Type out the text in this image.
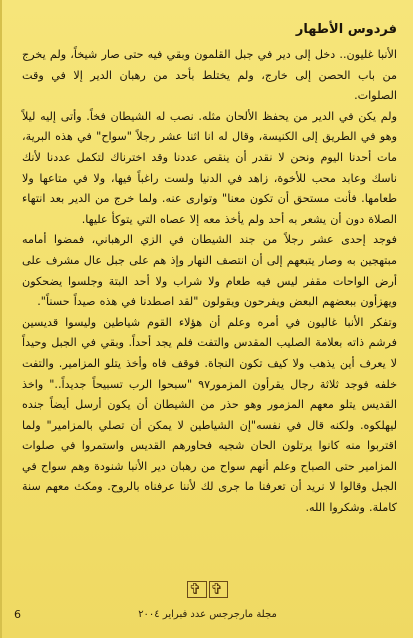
فردوس الأطهار

الأنبا غليون.. دخل إلى دير في جبل القلمون وبقي فيه حتى صار شيخاً، ولم يخرج من باب الحصن إلى خارج، ولم يختلط بأحد من رهبان الدير إلا في وقت الصلوات.

ولم يكن في الدير من يحفظ الألحان مثله. نصب له الشيطان فخاً. وأتى إليه ليلاً وهو في الطريق إلى الكنيسة، وقال له انا اثنا عشر رجلاً "سواح" في هذه البرية، مات أحدنا اليوم ونحن لا نقدر أن ينقص عددنا وقد اخترناك لتكمل عددنا لأنك ناسك وعابد محب للأخوة، زاهد في الدنيا ولست راغباً فيها، ولا في متاعها ولا طعامها. فأنت مستحق أن تكون معنا" وتوارى عنه. ولما خرج من الدير بعد انتهاء الصلاة دون أن يشعر به أحد ولم يأخذ معه إلا عصاه التي يتوكأ عليها.

فوجد إحدى عشر رجلاً من جند الشيطان في الزي الرهباني، فمضوا أمامه مبتهجين به وصار يتبعهم إلى أن انتصف النهار وإذ هم على جبل عال مشرف على أرض الواحات مقفر ليس فيه طعام ولا شراب ولا أحد البتة وجلسوا يضحكون ويهزأون ببعضهم البعض ويفرحون ويقولون "لقد اصطدنا في هذه صيداً حسناً".

وتفكر الأنبا غاليون في أمره وعلم أن هؤلاء القوم شياطين وليسوا قديسين فرشم ذاته بعلامة الصليب المقدس والتفت فلم يجد أحداً. وبقي في الجبل وحيداً لا يعرف أين يذهب ولا كيف تكون النجاة. فوقف فاه وأخذ يتلو المزامير. والتفت خلفه فوجد ثلاثة رجال يقرأون المزمور٩٧ "سبحوا الرب تسبيحاً جديداً.." واخذ القديس يتلو معهم المزمور وهو حذر من الشيطان أن يكون أرسل أيضاً جنده ليهلكوه. ولكنه قال في نفسه"إن الشياطين لا يمكن أن تصلي بالمزامير" ولما اقتربوا منه كانوا يرتلون الحان شجيه فحاورهم القديس واستمروا في صلوات المزامير حتى الصباح وعلم أنهم سواح من رهبان دير الأنبا شنودة وهم سواح في الجبل وقالوا لا نريد أن تعرفنا ما جرى لك لأننا عرفناه بالروح. ومكث معهم سنة كاملة. وشكروا الله.

✞ ✞
6	مجلة مارجرجس عدد فبراير ٢٠٠٤
